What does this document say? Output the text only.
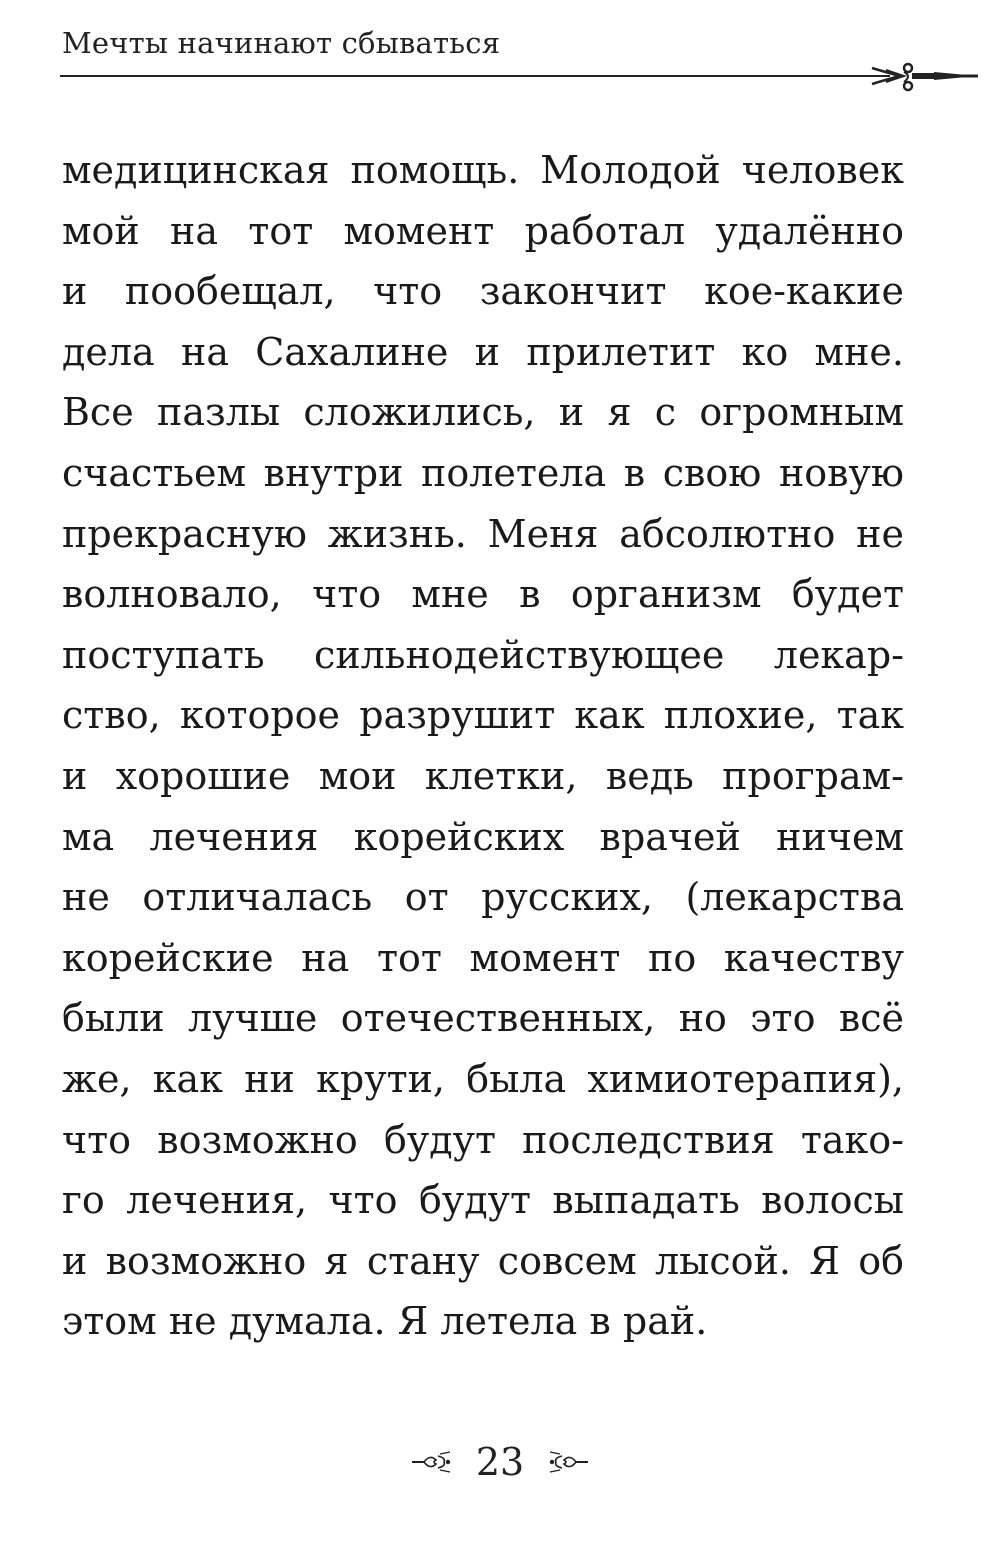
Мечты начинают сбываться
медицинская помощь. Молодой человек
мой на тот момент работал удалённо
и пообещал, что закончит кое-какие
дела на Сахалине и прилетит ко мне.
Все пазлы сложились, и я с огромным
счастьем внутри полетела в свою новую
прекрасную жизнь. Меня абсолютно не
волновало, что мне в организм будет
поступать сильнодействующее лекар-
ство, которое разрушит как плохие, так
и хорошие мои клетки, ведь програм-
ма лечения корейских врачей ничем
не отличалась от русских, (лекарства
корейские на тот момент по качеству
были лучше отечественных, но это всё
же, как ни крути, была химиотерапия),
что возможно будут последствия тако-
го лечения, что будут выпадать волосы
и возможно я стану совсем лысой. Я об
этом не думала. Я летела в рай.
23
